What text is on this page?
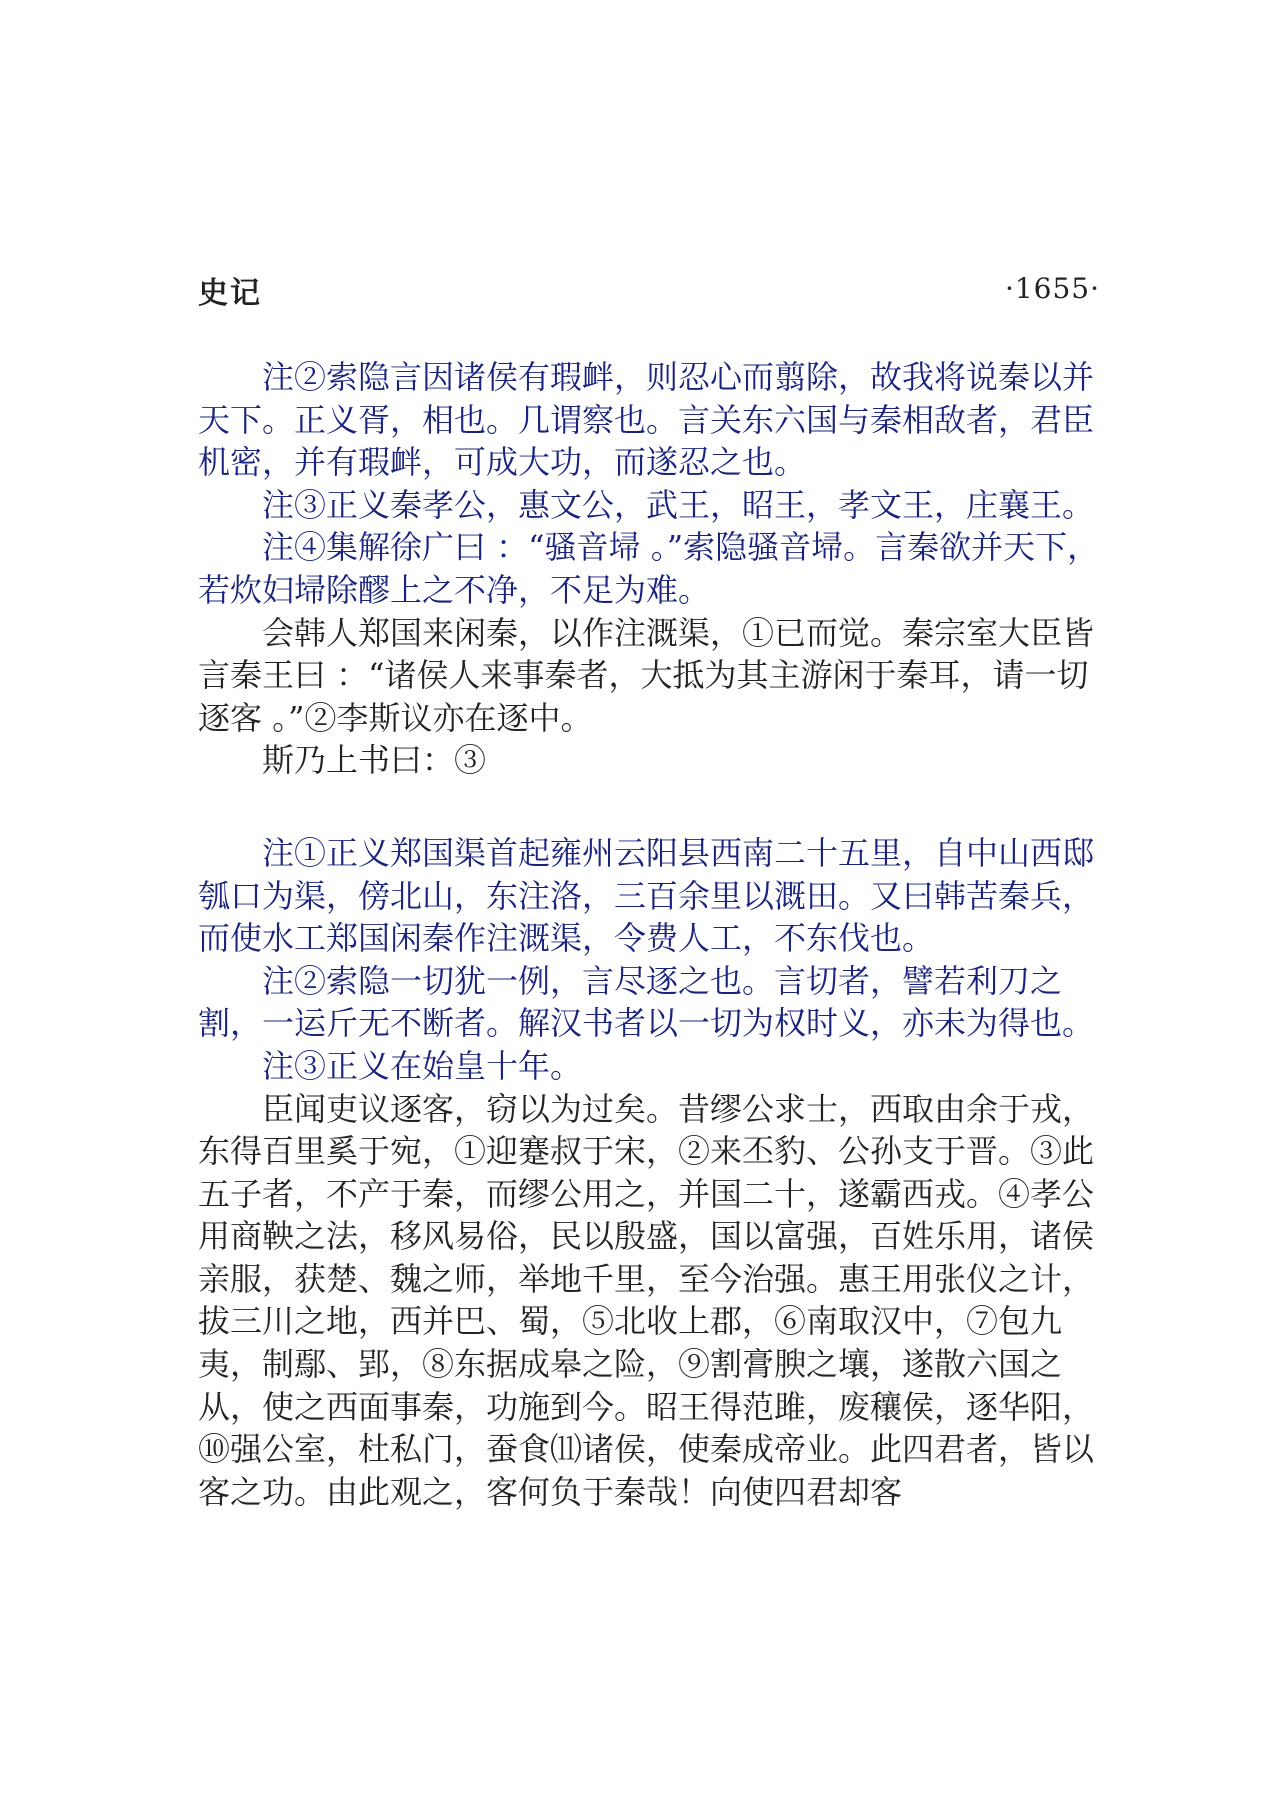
史记	·1655·

注②索隐言因诸侯有瑕衅，则忍心而翦除，故我将说秦以并天下。正义胥，相也。几谓察也。言关东六国与秦相敌者，君臣机密，并有瑕衅，可成大功，而遂忍之也。

注③正义秦孝公，惠文公，武王，昭王，孝文王，庄襄王。

注④集解徐广曰 ：“骚音埽 。”索隐骚音埽。言秦欲并天下，若炊妇埽除醪上之不净，不足为难。

会韩人郑国来闲秦，以作注溉渠，①已而觉。秦宗室大臣皆言秦王曰 ：“诸侯人来事秦者，大抵为其主游闲于秦耳，请一切逐客 。”②李斯议亦在逐中。

斯乃上书曰：③

注①正义郑国渠首起雍州云阳县西南二十五里，自中山西邸瓠口为渠，傍北山，东注洛，三百余里以溉田。又曰韩苦秦兵，而使水工郑国闲秦作注溉渠，令费人工，不东伐也。

注②索隐一切犹一例，言尽逐之也。言切者，譬若利刀之割，一运斤无不断者。解汉书者以一切为权时义，亦未为得也。

注③正义在始皇十年。

臣闻吏议逐客，窃以为过矣。昔缪公求士，西取由余于戎，东得百里奚于宛，①迎蹇叔于宋，②来丕豹、公孙支于晋。③此五子者，不产于秦，而缪公用之，并国二十，遂霸西戎。④孝公用商鞅之法，移风易俗，民以殷盛，国以富强，百姓乐用，诸侯亲服，获楚、魏之师，举地千里，至今治强。惠王用张仪之计，拔三川之地，西并巴、蜀，⑤北收上郡，⑥南取汉中，⑦包九夷，制鄢、郢，⑧东据成皋之险，⑨割膏腴之壤，遂散六国之从，使之西面事秦，功施到今。昭王得范雎，废穰侯，逐华阳，⑩强公室，杜私门，蚕食⑾诸侯，使秦成帝业。此四君者，皆以客之功。由此观之，客何负于秦哉！向使四君却客
